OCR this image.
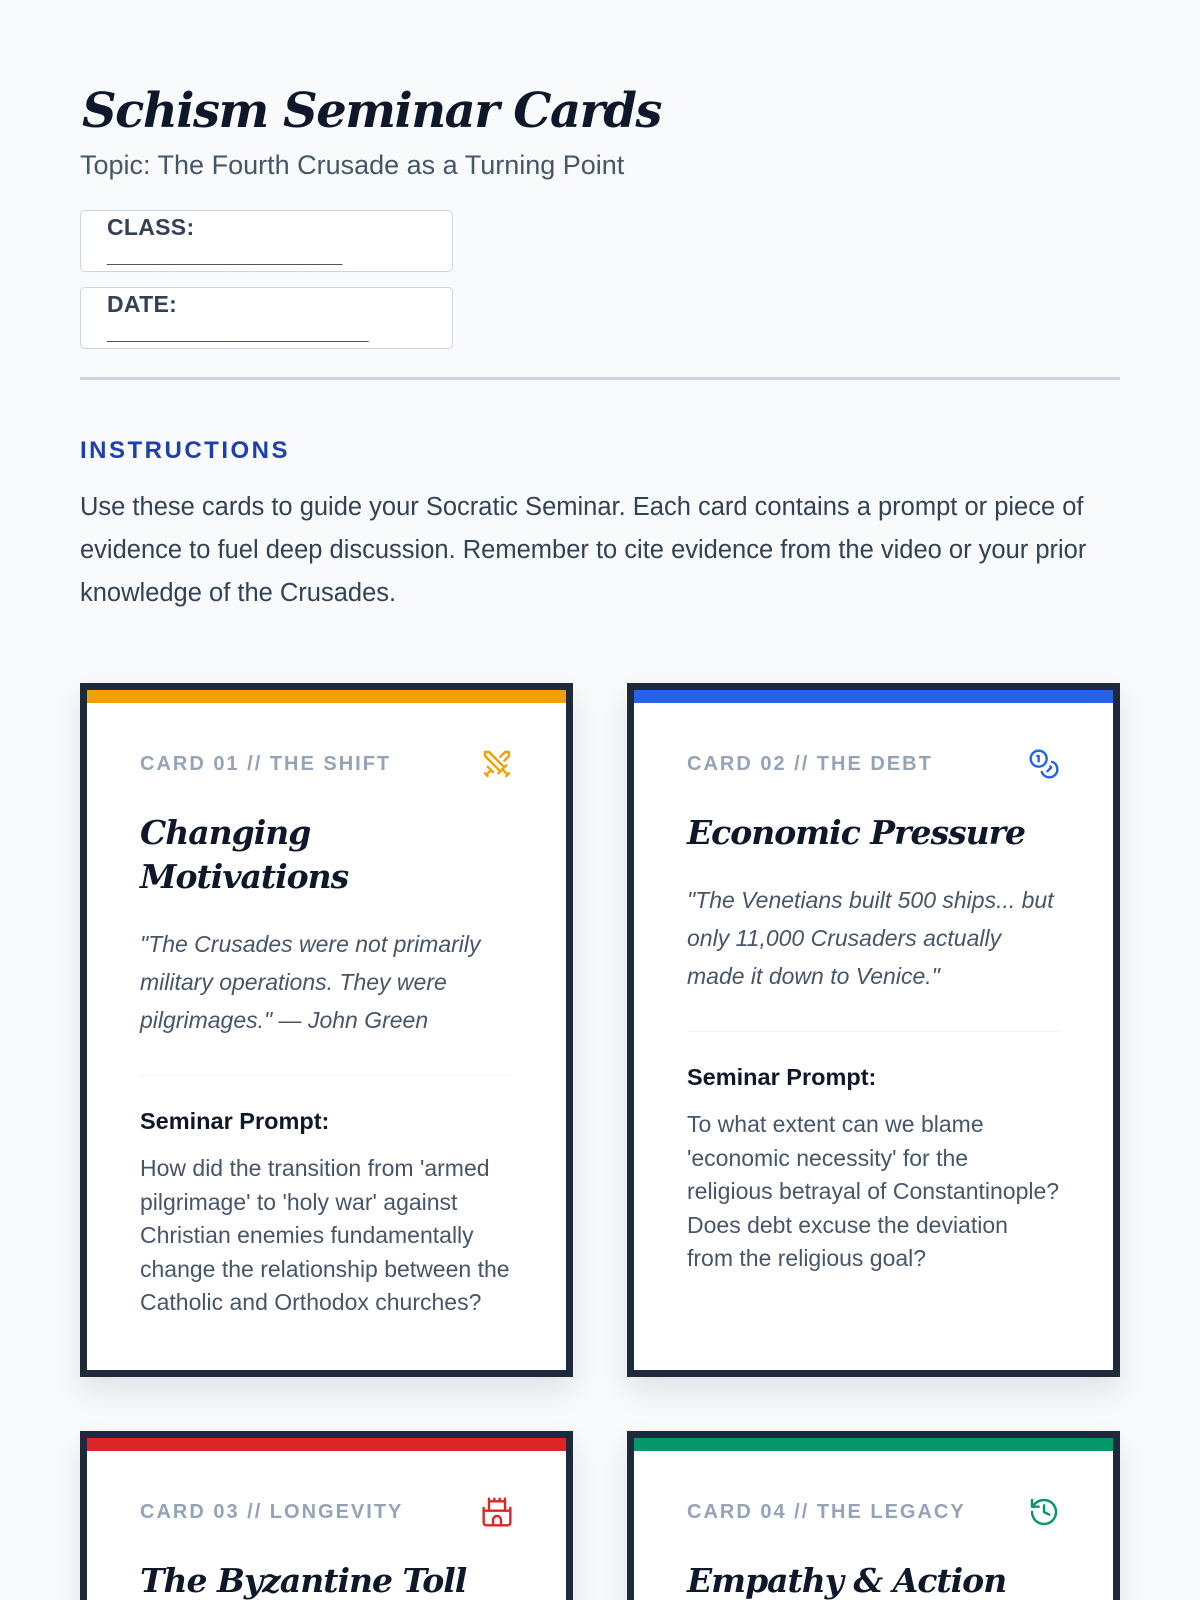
Schism Seminar Cards

Topic: The Fourth Crusade as a Turning Point

CLASS: __________________
DATE: ____________________
INSTRUCTIONS

Use these cards to guide your Socratic Seminar. Each card contains a prompt or piece of evidence to fuel deep discussion. Remember to cite evidence from the video or your prior knowledge of the Crusades.

CARD 01 // THE SHIFT
Changing Motivations

"The Crusades were not primarily military operations. They were pilgrimages." — John Green

Seminar Prompt:

How did the transition from 'armed pilgrimage' to 'holy war' against Christian enemies fundamentally change the relationship between the Catholic and Orthodox churches?

CARD 02 // THE DEBT
Economic Pressure

"The Venetians built 500 ships... but only 11,000 Crusaders actually made it down to Venice."

Seminar Prompt:

To what extent can we blame 'economic necessity' for the religious betrayal of Constantinople? Does debt excuse the deviation from the religious goal?

CARD 03 // LONGEVITY
The Byzantine Toll

CARD 04 // THE LEGACY
Empathy & Action
